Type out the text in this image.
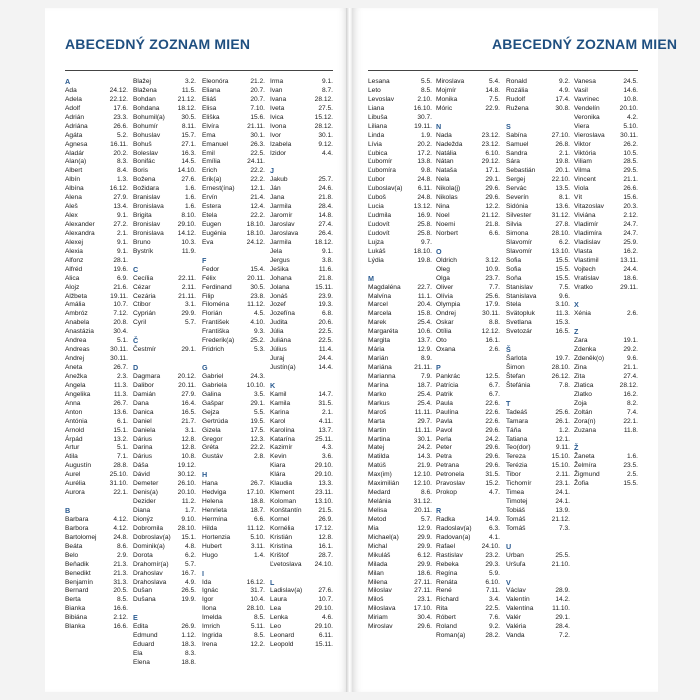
ABECEDNÝ ZOZNAM MIEN
A
Ada	24.12.
Adela	22.12.
Adolf	17.6.
Adrián	23.3.
Adriána	26.6.
Agáta	5.2.
Agnesa	16.11.
Aladár	20.2.
Alan(a)	8.3.
Albert	8.4.
Albín	1.3.
Albína	16.12.
Alena	27.9.
Aleš	13.4.
Alex	9.1.
Alexander	27.2.
Alexandra	2.1.
Alexej	9.1.
Alexia	9.1.
Alfonz	28.1.
Alfréd	19.6.
Alica	6.9.
Alojz	21.6.
Alžbeta	19.11.
Amália	10.7.
Ambróz	7.12.
Anabela	20.8.
Anastázia	30.4.
Andrea	5.1.
Andreas	30.11.
Andrej	30.11.
Aneta	26.7.
Anežka	2.3.
Angela	11.3.
Angelika	11.3.
Anna	26.7.
Anton	13.6.
Antónia	6.1.
Arnold	15.1.
Árpád	13.2.
Artur	5.1.
Atila	7.1.
Augustín	28.8.
Aurel	25.10.
Aurélia	31.10.
Aurora	22.1.
B
Barbara	4.12.
Barbora	4.12.
Bartolomej	24.8.
Beáta	8.6.
Belo	2.9.
Beňadik	21.3.
Benedikt	21.3.
Benjamín	31.3.
Bernard	20.5.
Berta	8.5.
Bianka	16.6.
Bibiána	2.12.
Blanka	16.6.
Blažej	3.2.
Blažena	11.5.
Bohdan	21.12.
Bohdana	18.12.
Bohumil(a) 30.5.
Bohumír	8.11.
Bohuslav	15.7.
Bohuš	27.1.
Boleslav	16.3.
Bonifác	14.5.
Boris	14.10.
Božena	27.6.
Božidara	1.6.
Branislav	1.6.
Bronislava	1.6.
Brigita	8.10.
Bronislav	29.10.
Bronislava 14.12.
Bruno	10.3.
Bystrík	11.9.
C
Cecília	22.11.
Cézar	2.11.
Cezária	21.11.
Ctibor	3.1.
Cyprián	29.9.
Cyril	5.7.
Č
Čestmír	29.1.
D
Dagmara	20.12.
Dalibor	20.11.
Damián	27.9.
Dana	16.4.
Danica	16.5.
Daniel	21.7.
Daniela	3.1.
Dárius	12.8.
Darina	12.8.
Dárius	10.8.
Dáša	19.12.
Dávid	30.12.
Demeter	26.10.
Denis(a)	20.10.
Dezider	11.2.
Diana	1.7.
Dionýz	9.10.
Dobromila 28.10.
Dobroslav(a) 15.1.
Dominik(a)	4.8.
Dorota	6.2.
Drahomír(a) 5.7.
Drahoslav	16.7.
Drahoslava	4.9.
Dušan	26.5.
Dušana	19.9.
E
Edita	26.9.
Edmund	1.12.
Eduard	18.3.
Ela	8.3.
Elena	18.8.
Eleonóra	21.2.
Eliana	20.7.
Eliáš	20.7.
Elisa	7.10.
Eliška	15.6.
Elvíra	21.11.
Ema	30.1.
Emanuel	26.3.
Emil	22.5.
Emília	24.11.
Erich	22.2.
Erik(a)	22.2.
Ernest(ína) 12.1.
Ervín	21.4.
Estera	12.4.
Etela	22.2.
Eugen	18.10.
Eugénia	18.10.
Eva	24.12.
F
Fedor	15.4.
Félix	20.11.
Ferdinand	30.5.
Filip	23.8.
Filoména	11.12.
Florián	4.5.
František	4.10.
Františka	9.3.
Frederik(a) 25.2.
Fridrich	5.3.
G
Gabriel	24.3.
Gabriela	10.10.
Galina	3.5.
Gašpar	29.1.
Gejza	5.5.
Gertrúda	19.5.
Gizela	17.5.
Gregor	12.3.
Gréta	22.2.
Gustáv	2.8.
H
Hana	26.7.
Hedviga	17.10.
Helena	18.8.
Henrieta	18.7.
Hermína	6.6.
Hilda	11.12.
Hortenzia	5.10.
Hubert	3.11.
Hugo	1.4.
I
Ida	16.12.
Ignác	31.7.
Igor	10.4.
Ilona	28.10.
Imelda	8.5.
Imrich	5.11.
Ingrida	8.5.
Irena	12.2.
Irma	9.1.
Ivan	8.7.
Ivana	28.12.
Iveta	27.5.
Ivica	15.12.
Ivona	28.12.
Ivor	30.1.
Izabela	9.12.
Izidor	4.4.
J
Jakub	25.7.
Ján	24.6.
Jana	21.8.
Jarmila	28.4.
Jaromír	14.8.
Jaroslav	27.4.
Jaroslava	26.4.
Jarmila	18.12.
Jela	9.1.
Jergus	3.8.
Ješika	11.6.
Johana	21.8.
Jolana	15.11.
Jonáš	23.9.
Jozef	19.3.
Jozefína	6.8.
Judita	20.6.
Júlia	22.5.
Juliána	22.5.
Július	11.4.
Juraj	24.4.
Justín(a)	14.4.
K
Kamil	14.7.
Kamila	31.5.
Karina	2.1.
Karol	4.11.
Karolína	13.7.
Katarína	25.11.
Kazimír	4.3.
Kevin	3.6.
Kiara	29.10.
Klára	29.10.
Klaudia	13.3.
Klement	23.11.
Koloman	13.10.
Konštantín	21.5.
Kornel	26.9.
Kornélia	17.12.
Kristián	12.8.
Kristína	16.1.
Krištof	28.7.
Ľvetoslava 24.10.
L
Ladislav(a) 27.6.
Laura	10.7.
Lea	29.10.
Lenka	4.6.
Leo	29.10.
Leonard	6.11.
Leopold	15.11.
ABECEDNÝ ZOZNAM MIEN
Lesana	5.5.
Leto	8.5.
Levoslav	2.10.
Liana	16.10.
Libuša	30.7.
Liliana	19.11.
Linda	1.9.
Lívia	20.2.
Ľubica	17.2.
Ľubomír	13.8.
Ľubomíra	9.8.
Ľubor	24.8.
Ľuboslav(a) 6.11.
Ľuboš	24.8.
Lucia	13.12.
Ľudmila	16.9.
Ľudovít	25.8.
Ľudovít	25.8.
Lujza	9.7.
Lukáš	18.10.
Lýdia	19.8.
M
Magdaléna	22.7.
Malvína	11.1.
Marcel	20.4.
Marcela	15.8.
Marek	25.4.
Margaréta	10.6.
Margita	13.7.
Mária	12.9.
Marián	8.9.
Mariána	21.11.
Marianna	7.9.
Marína	18.7.
Marko	25.4.
Markus	25.4.
Maroš	11.11.
Marta	29.7.
Martin	11.11.
Martina	30.1.
Matej	24.2.
Matilda	14.3.
Matúš	21.9.
Max(im)	12.10.
Maximilián 12.10.
Medard	8.6.
Melánia	31.12.
Melisa	20.11.
Metod	5.7.
Mia	12.9.
Michael(a)	29.9.
Michal	29.9.
Mikuláš	6.12.
Milada	29.9.
Milan	18.6.
Milena	27.11.
Miloslav	27.11.
Miloš	23.1.
Miloslava	17.10.
Miriam	30.4.
Miroslav	29.6.
Miroslava	5.4.
Mojmír	14.8.
Monika	7.5.
Móric	22.9.
N
Nada	23.12.
Nadežda	23.12.
Natália	6.10.
Nátan	29.12.
Nataša	17.1.
Nela	29.1.
Nikola(j)	29.6.
Nikolas	29.6.
Nina	12.2.
Noel	21.12.
Noemi	21.8.
Norbert	6.6.
O
Oldrich	3.12.
Oleg	10.9.
Olga	23.7.
Oliver	7.7.
Olívia	25.6.
Olympia	17.9.
Ondrej	30.11.
Oskar	8.8.
Otília	12.12.
Oto	16.1.
Oxana	2.6.
P
Pankrác	12.5.
Patrícia	6.7.
Patrik	6.7.
Paula	22.6.
Paulína	22.6.
Pavla	22.6.
Pavol	29.6.
Perla	24.2.
Peter	29.6.
Petra	29.6.
Petrana	29.6.
Petronela	31.5.
Pravoslav	15.2.
Prokop	4.7.
R
Radka	14.9.
Radoslav(a)	6.3.
Radovan(a)	4.1.
Rafael	24.10.
Rastislav	23.2.
Rebeka	29.3.
Regína	5.9.
Renáta	6.10.
René	7.11.
Richard	3.4.
Rita	22.5.
Róbert	7.6.
Roland	9.2.
Roman(a)	28.2.
Ronald	9.2.
Rozália	4.9.
Rudolf	17.4.
Ružena	30.8.
S
Sabína	27.10.
Samuel	26.8.
Sandra	2.1.
Sára	19.8.
Sebastián	20.1.
Sergej	22.10.
Servác	13.5.
Severín	8.1.
Sidónia	13.6.
Silvester	31.12.
Silvia	27.8.
Simona	28.10.
Slavomír	6.2.
Slavomír	13.10.
Sofia	15.5.
Sofia	15.5.
Soňa	15.5.
Stanislav	7.5.
Stanislava	9.6.
Stela	3.10.
Svätopluk	11.3.
Svetlana	15.3.
Svetozár	16.5.
Š
Šarlota	19.7.
Šimon	28.10.
Štefan	26.12.
Štefánia	7.8.
T
Tadeáš	25.6.
Tamara	26.1.
Táňa	1.2.
Tatiana	12.1.
Teo(dor)	9.11.
Tereza	15.10.
Terézia	15.10.
Tibor	2.11.
Tichomír	23.1.
Timea	24.1.
Timotej	24.1.
Tobiáš	13.9.
Tomáš	21.12.
Tomáš	7.3.
U
Urban	25.5.
Uršuľa	21.10.
V
Václav	28.9.
Valentín	14.2.
Valentína	11.10.
Valér	29.1.
Valéria	28.4.
Vanda	7.2.
Vanesa	24.5.
Vasil	14.6.
Vavrinec	10.8.
Vendelín	20.10.
Veronika	4.2.
Viera	5.10.
Vieroslava 30.11.
Viktor	26.2.
Viktória	10.5.
Viliam	28.5.
Vilma	29.5.
Vincent	21.1.
Viola	26.6.
Vít	15.6.
Vitazoslav	20.3.
Viviána	2.12.
Vladimír	24.7.
Vladimíra	24.7.
Vladislav	25.9.
Vlasta	16.2.
Vlastimil	13.11.
Vojtech	24.4.
Vratislav	18.6.
Vratko	29.11.
X
Xénia	2.6.
Z
Zara	19.1.
Zdenka	29.2.
Zdeněk(o)	9.6.
Zina	21.1.
Zita	27.4.
Zlatica	28.12.
Zlatko	16.2.
Zoja	8.2.
Zoltán	7.4.
Zora(n)	22.1.
Zuzana	11.8.
Ž
Žaneta	1.6.
Želmíra	23.5.
Žigmund	2.5.
Žofia	15.5.
